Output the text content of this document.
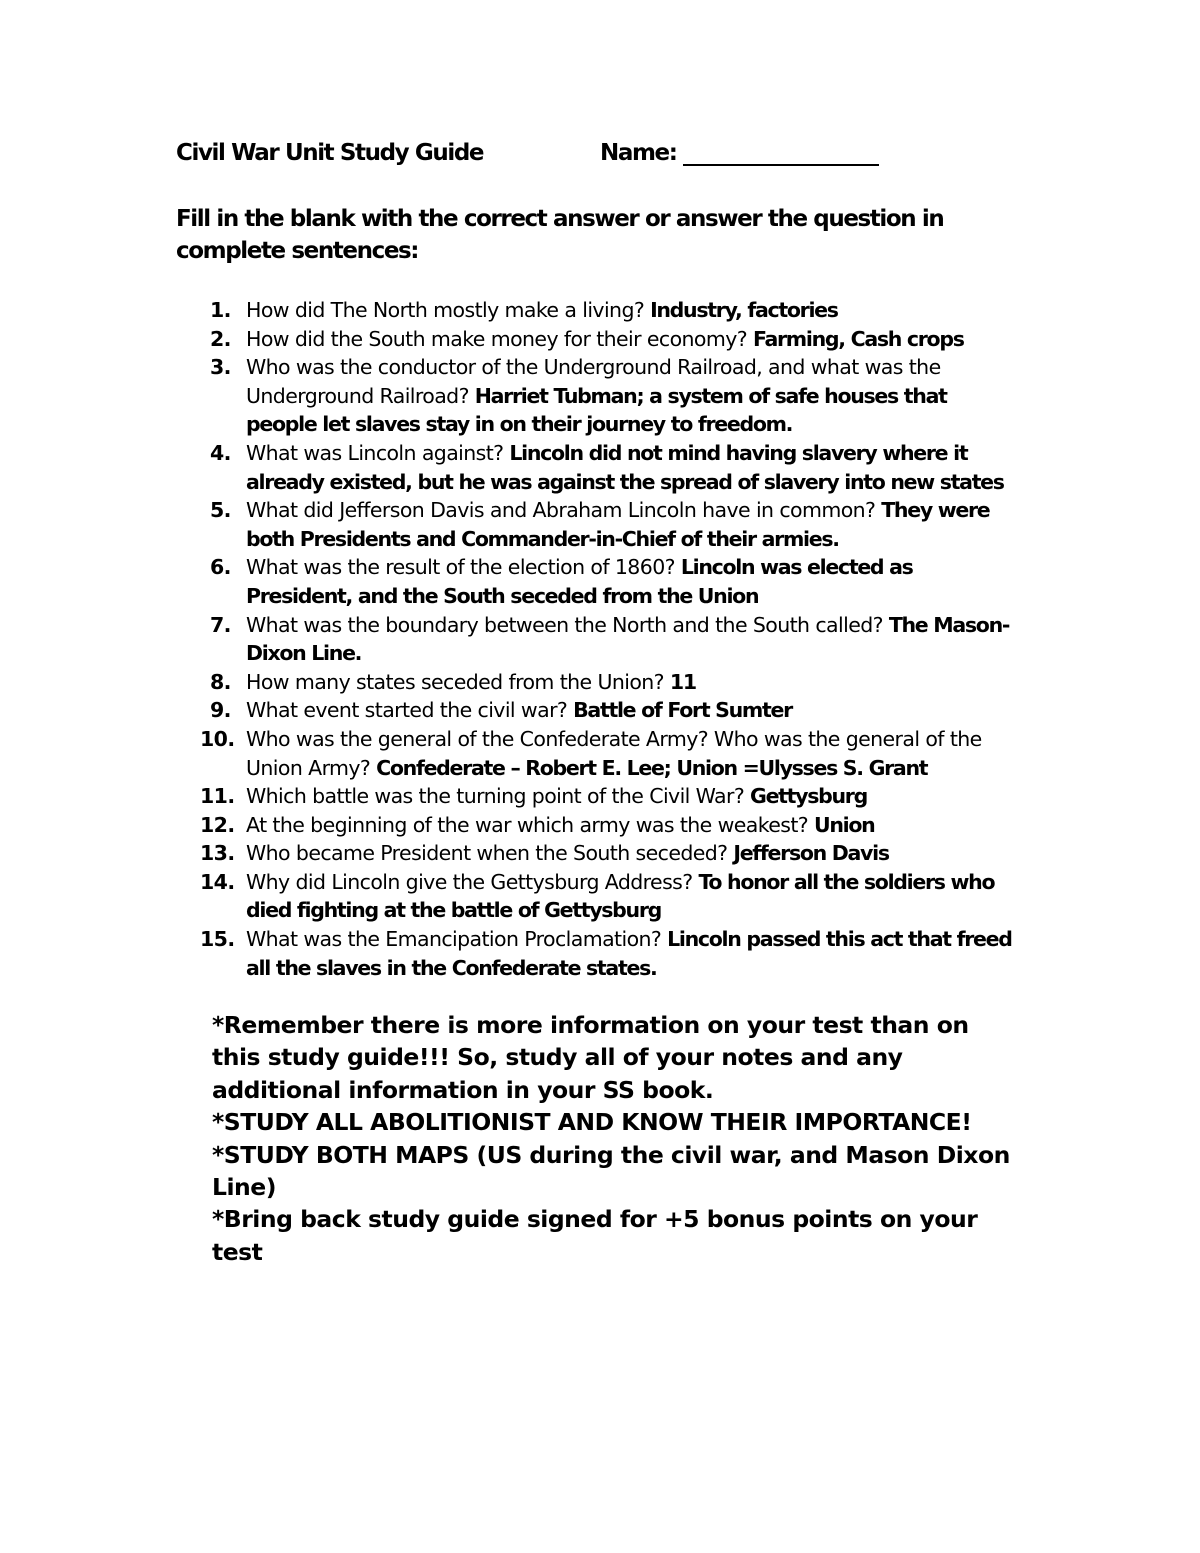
Civil War Unit Study Guide	Name:
Fill in the blank with the correct answer or answer the question in complete sentences:
1. How did The North mostly make a living? Industry, factories
2. How did the South make money for their economy? Farming, Cash crops
3. Who was the conductor of the Underground Railroad, and what was the Underground Railroad? Harriet Tubman; a system of safe houses that people let slaves stay in on their journey to freedom.
4. What was Lincoln against? Lincoln did not mind having slavery where it already existed, but he was against the spread of slavery into new states
5. What did Jefferson Davis and Abraham Lincoln have in common? They were both Presidents and Commander-in-Chief of their armies.
6. What was the result of the election of 1860? Lincoln was elected as President, and the South seceded from the Union
7. What was the boundary between the North and the South called? The Mason-Dixon Line.
8. How many states seceded from the Union? 11
9. What event started the civil war? Battle of Fort Sumter
10. Who was the general of the Confederate Army? Who was the general of the Union Army? Confederate – Robert E. Lee; Union =Ulysses S. Grant
11. Which battle was the turning point of the Civil War? Gettysburg
12. At the beginning of the war which army was the weakest? Union
13. Who became President when the South seceded? Jefferson Davis
14. Why did Lincoln give the Gettysburg Address? To honor all the soldiers who died fighting at the battle of Gettysburg
15. What was the Emancipation Proclamation? Lincoln passed this act that freed all the slaves in the Confederate states.

*Remember there is more information on your test than on this study guide!!! So, study all of your notes and any additional information in your SS book.

*STUDY ALL ABOLITIONIST AND KNOW THEIR IMPORTANCE!

*STUDY BOTH MAPS (US during the civil war, and Mason Dixon Line)

*Bring back study guide signed for +5 bonus points on your test
